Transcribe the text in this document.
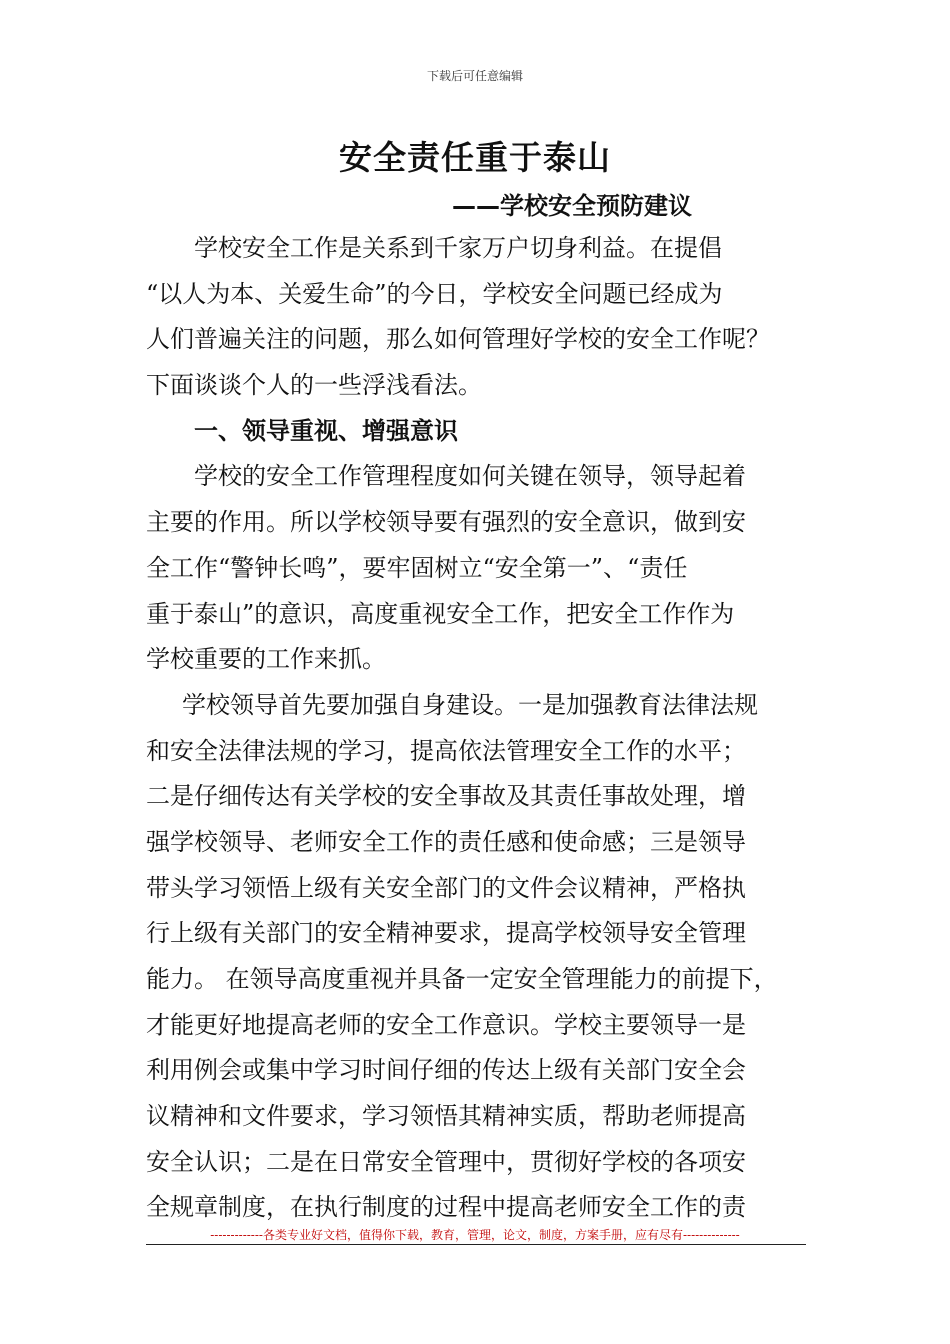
下载后可任意编辑
安全责任重于泰山
——学校安全预防建议
学校安全工作是关系到千家万户切身利益。在提倡
“以人为本、关爱生命”的今日，学校安全问题已经成为
人们普遍关注的问题，那么如何管理好学校的安全工作呢？
下面谈谈个人的一些浮浅看法。
一、领导重视、增强意识
学校的安全工作管理程度如何关键在领导，领导起着
主要的作用。所以学校领导要有强烈的安全意识，做到安
全工作“警钟长鸣”，要牢固树立“安全第一”、“责任
重于泰山”的意识，高度重视安全工作，把安全工作作为
学校重要的工作来抓。
学校领导首先要加强自身建设。一是加强教育法律法规
和安全法律法规的学习，提高依法管理安全工作的水平；
二是仔细传达有关学校的安全事故及其责任事故处理，增
强学校领导、老师安全工作的责任感和使命感；三是领导
带头学习领悟上级有关安全部门的文件会议精神，严格执
行上级有关部门的安全精神要求，提高学校领导安全管理
能力。 在领导高度重视并具备一定安全管理能力的前提下，
才能更好地提高老师的安全工作意识。学校主要领导一是
利用例会或集中学习时间仔细的传达上级有关部门安全会
议精神和文件要求，学习领悟其精神实质，帮助老师提高
安全认识；二是在日常安全管理中，贯彻好学校的各项安
全规章制度，在执行制度的过程中提高老师安全工作的责
-------------各类专业好文档，值得你下载，教育，管理，论文，制度，方案手册，应有尽有--------------
